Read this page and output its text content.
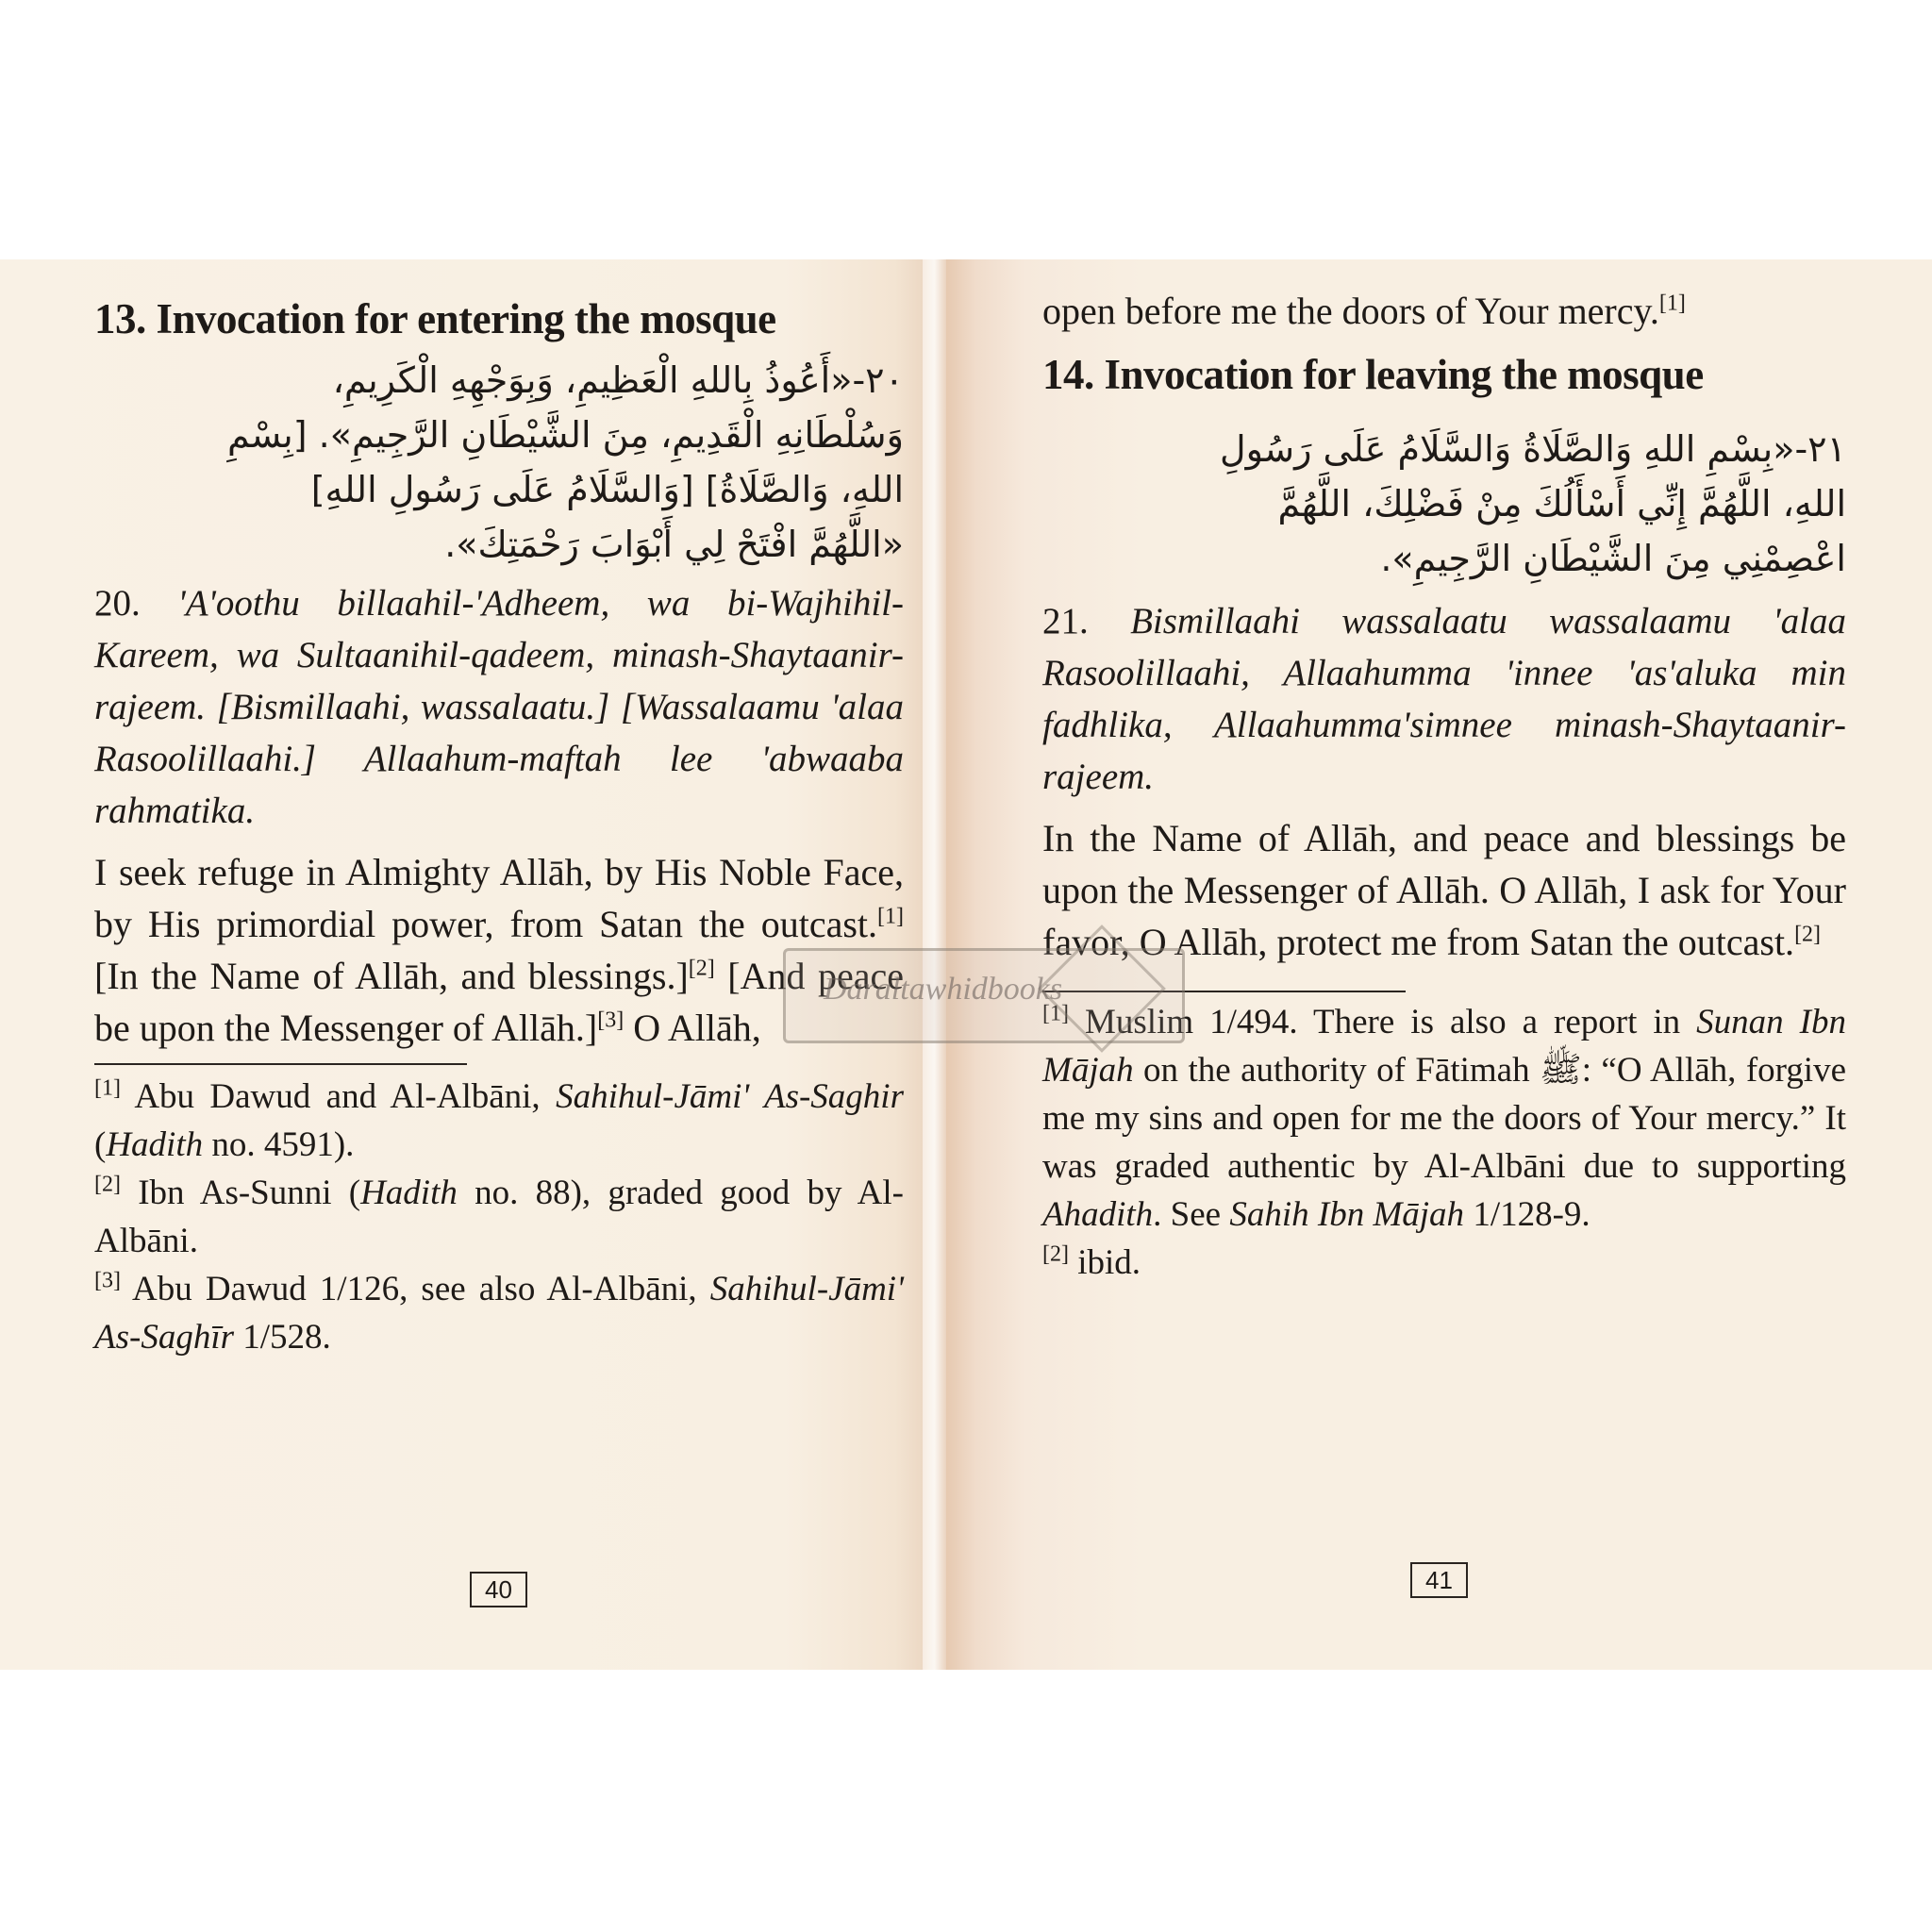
13. Invocation for entering the mosque

٢٠-«أَعُوذُ بِاللهِ الْعَظِيمِ، وَبِوَجْهِهِ الْكَرِيمِ،

وَسُلْطَانِهِ الْقَدِيمِ، مِنَ الشَّيْطَانِ الرَّجِيمِ». [بِسْمِ

اللهِ، وَالصَّلَاةُ] [وَالسَّلَامُ عَلَى رَسُولِ اللهِ]

«اللَّهُمَّ افْتَحْ لِي أَبْوَابَ رَحْمَتِكَ».

20. 'A'oothu billaahil-'Adheem, wa bi-Wajhihil-Kareem, wa Sultaanihil-qadeem, minash-Shaytaanir-rajeem. [Bismillaahi, wassalaatu.] [Wassalaamu 'alaa Rasoolillaahi.] Allaahum-maftah lee 'abwaaba rahmatika.

I seek refuge in Almighty Allāh, by His Noble Face, by His primordial power, from Satan the outcast.[1] [In the Name of Allāh, and blessings.][2] [And peace be upon the Messenger of Allāh.][3] O Allāh,

[1] Abu Dawud and Al-Albāni, Sahihul-Jāmi' As-Saghir (Hadith no. 4591).

[2] Ibn As-Sunni (Hadith no. 88), graded good by Al-Albāni.

[3] Abu Dawud 1/126, see also Al-Albāni, Sahihul-Jāmi' As-Saghīr 1/528.

40

open before me the doors of Your mercy.[1]

14. Invocation for leaving the mosque

٢١-«بِسْمِ اللهِ وَالصَّلَاةُ وَالسَّلَامُ عَلَى رَسُولِ

اللهِ، اللَّهُمَّ إِنِّي أَسْأَلُكَ مِنْ فَضْلِكَ، اللَّهُمَّ

اعْصِمْنِي مِنَ الشَّيْطَانِ الرَّجِيمِ».

21. Bismillaahi wassalaatu wassalaamu 'alaa Rasoolillaahi, Allaahumma 'innee 'as'aluka min fadhlika, Allaahumma'simnee minash-Shaytaanir-rajeem.

In the Name of Allāh, and peace and blessings be upon the Messenger of Allāh. O Allāh, I ask for Your favor, O Allāh, protect me from Satan the outcast.[2]

[1] Muslim 1/494. There is also a report in Sunan Ibn Mājah on the authority of Fātimah ﷺ: “O Allāh, forgive me my sins and open for me the doors of Your mercy.” It was graded authentic by Al-Albāni due to supporting Ahadith. See Sahih Ibn Mājah 1/128-9.

[2] ibid.

41
Daraltawhidbooks
